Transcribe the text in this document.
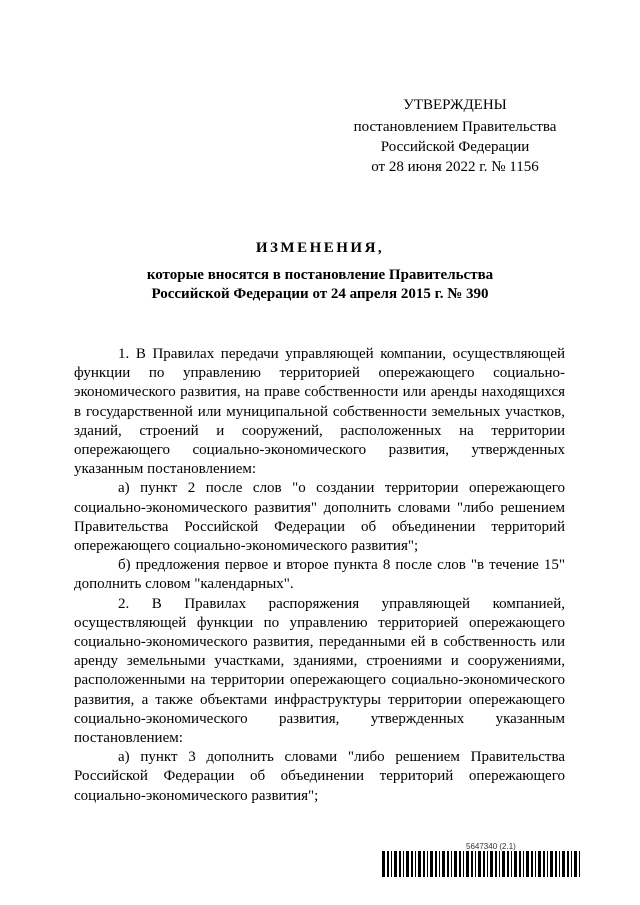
УТВЕРЖДЕНЫ
постановлением Правительства
Российской Федерации
от 28 июня 2022 г. № 1156
ИЗМЕНЕНИЯ,
которые вносятся в постановление Правительства
Российской Федерации от 24 апреля 2015 г. № 390

1. В Правилах передачи управляющей компании, осуществляющей функции по управлению территорией опережающего социально-экономического развития, на праве собственности или аренды находящихся в государственной или муниципальной собственности земельных участков, зданий, строений и сооружений, расположенных на территории опережающего социально-экономического развития, утвержденных указанным постановлением:

а) пункт 2 после слов "о создании территории опережающего социально-экономического развития" дополнить словами "либо решением Правительства Российской Федерации об объединении территорий опережающего социально-экономического развития";

б) предложения первое и второе пункта 8 после слов "в течение 15" дополнить словом "календарных".

2. В Правилах распоряжения управляющей компанией, осуществляющей функции по управлению территорией опережающего социально-экономического развития, переданными ей в собственность или аренду земельными участками, зданиями, строениями и сооружениями, расположенными на территории опережающего социально-экономического развития, а также объектами инфраструктуры территории опережающего социально-экономического развития, утвержденных указанным постановлением:

а) пункт 3 дополнить словами "либо решением Правительства Российской Федерации об объединении территорий опережающего социально-экономического развития";

5647340 (2.1)
